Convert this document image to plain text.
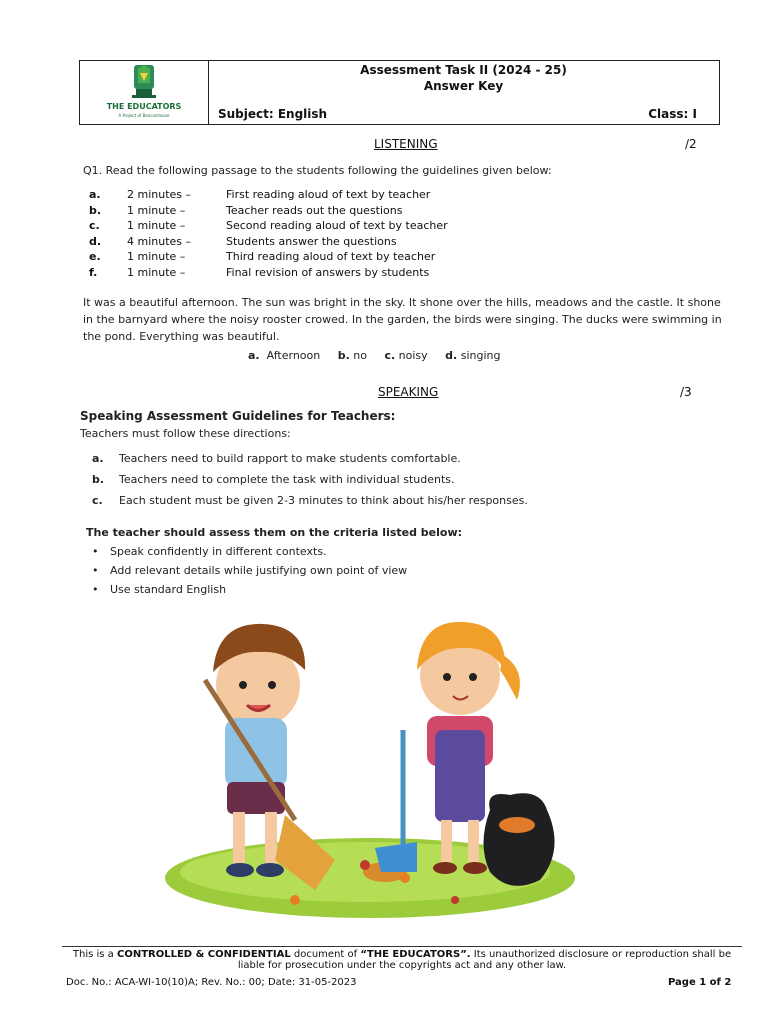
THE EDUCATORS
A Project of Beaconhouse
Assessment Task II (2024 - 25)
Answer Key
Subject: English	Class: I
LISTENING	/2
Q1. Read the following passage to the students following the guidelines given below:
a. 2 minutes –	First reading aloud of text by teacher
b. 1 minute –	Teacher reads out the questions
c. 1 minute –	Second reading aloud of text by teacher
d. 4 minutes –	Students answer the questions
e. 1 minute –	Third reading aloud of text by teacher
f.	1 minute –	Final revision of answers by students
It was a beautiful afternoon. The sun was bright in the sky. It shone over the hills, meadows and the castle. It shone in the barnyard where the noisy rooster crowed. In the garden, the birds were singing. The ducks were swimming in the pond. Everything was beautiful.
a. Afternoon b. no c. noisy d. singing
SPEAKING	/3
Speaking Assessment Guidelines for Teachers:
Teachers must follow these directions:
a. Teachers need to build rapport to make students comfortable.
b. Teachers need to complete the task with individual students.
c. Each student must be given 2-3 minutes to think about his/her responses.
The teacher should assess them on the criteria listed below:
• Speak confidently in different contexts.
• Add relevant details while justifying own point of view
• Use standard English
This is a CONTROLLED & CONFIDENTIAL document of “THE EDUCATORS”. Its unauthorized disclosure or reproduction shall be
liable for prosecution under the copyrights act and any other law.
Doc. No.: ACA-WI-10(10)A; Rev. No.: 00; Date: 31-05-2023	Page 1 of 2
